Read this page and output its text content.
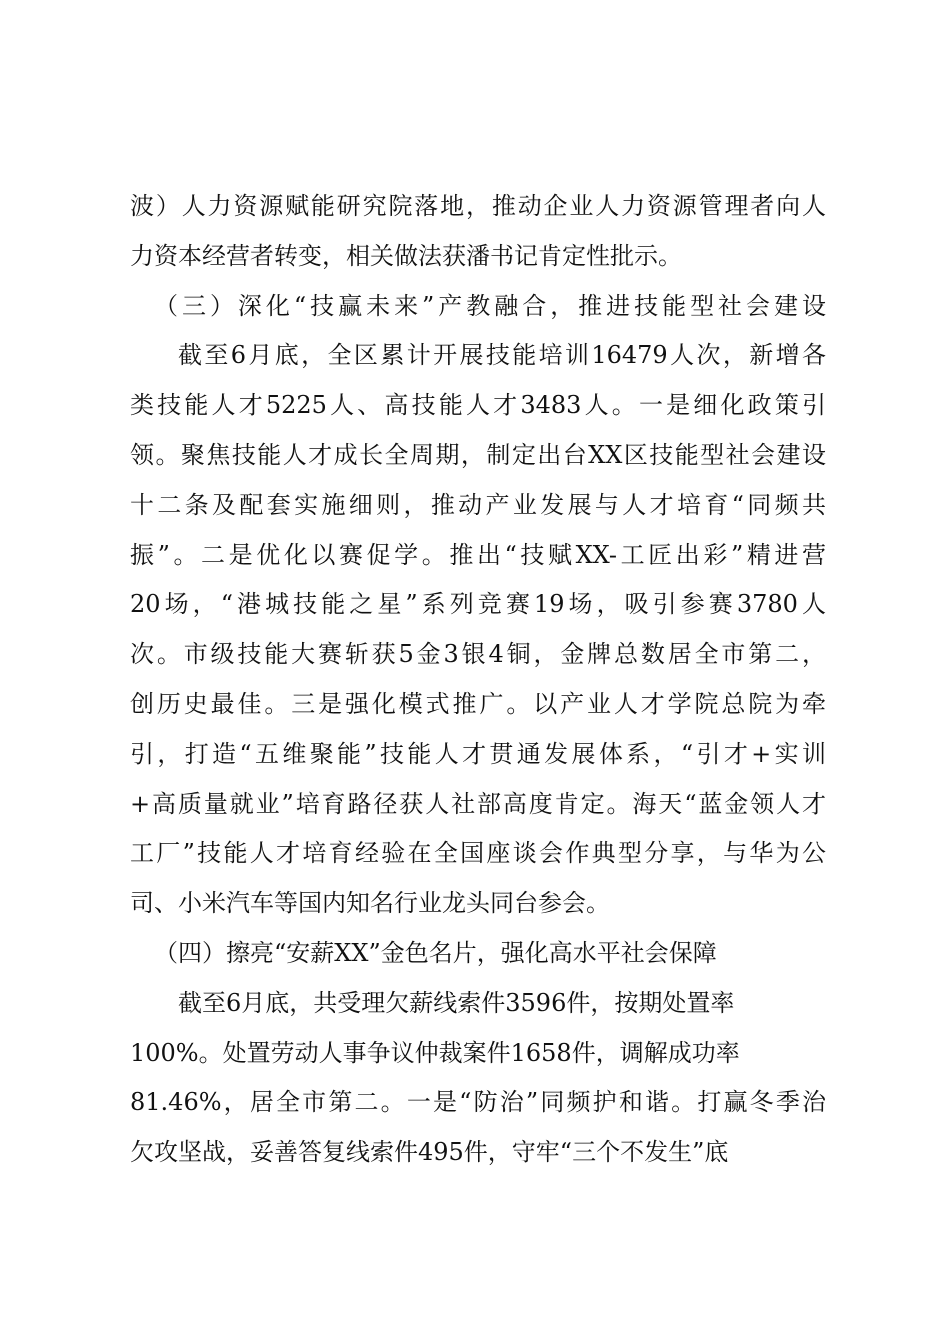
波）人力资源赋能研究院落地，推动企业人力资源管理者向人
力资本经营者转变，相关做法获潘书记肯定性批示。
（三）深化“技赢未来”产教融合，推进技能型社会建设
截至6月底，全区累计开展技能培训16479人次，新增各
类技能人才5225人、高技能人才3483人。一是细化政策引
领。聚焦技能人才成长全周期，制定出台XX区技能型社会建设
十二条及配套实施细则，推动产业发展与人才培育“同频共
振”。二是优化以赛促学。推出“技赋XX-工匠出彩”精进营
20场，“港城技能之星”系列竞赛19场，吸引参赛3780人
次。市级技能大赛斩获5金3银4铜，金牌总数居全市第二，
创历史最佳。三是强化模式推广。以产业人才学院总院为牵
引，打造“五维聚能”技能人才贯通发展体系，“引才+实训
+高质量就业”培育路径获人社部高度肯定。海天“蓝金领人才
工厂”技能人才培育经验在全国座谈会作典型分享，与华为公
司、小米汽车等国内知名行业龙头同台参会。
（四）擦亮“安薪XX”金色名片，强化高水平社会保障
截至6月底，共受理欠薪线索件3596件，按期处置率
100%。处置劳动人事争议仲裁案件1658件，调解成功率
81.46%，居全市第二。一是“防治”同频护和谐。打赢冬季治
欠攻坚战，妥善答复线索件495件，守牢“三个不发生”底
